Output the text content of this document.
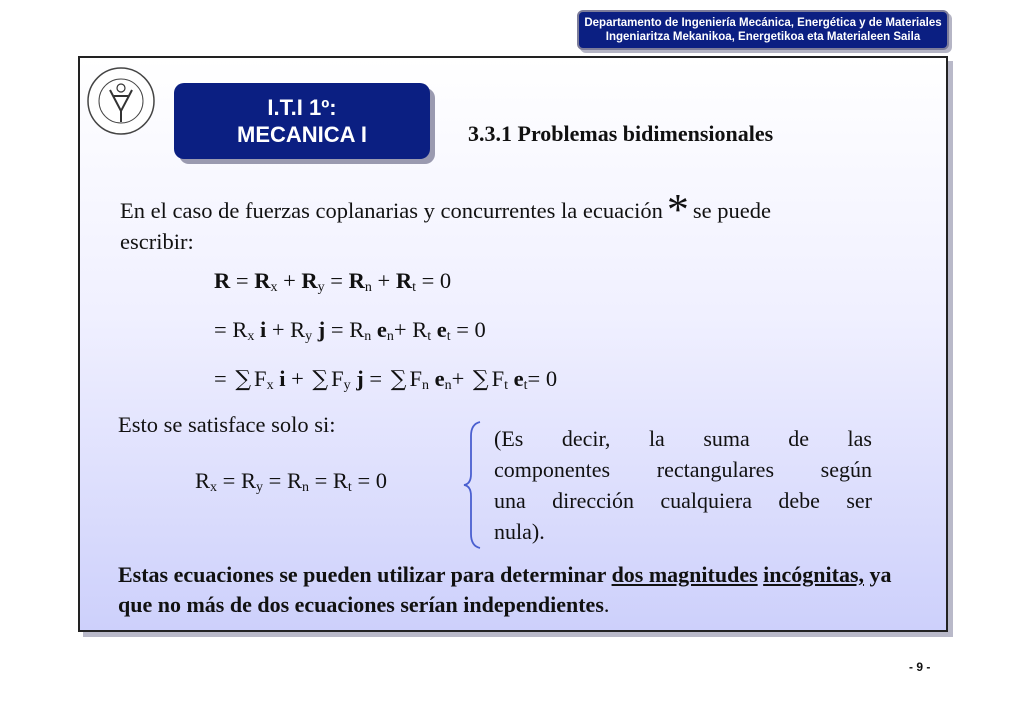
Departamento de Ingeniería Mecánica, Energética y de Materiales
Ingeniaritza Mekanikoa, Energetikoa eta Materialeen Saila
I.T.I 1º:
MECANICA I	3.3.1 Problemas bidimensionales
En el caso de fuerzas coplanarias y concurrentes la ecuación* se puede
escribir:
$R = R_x + R_y = R_n + R_t = 0$
= $R_x$ $i + R_y$ $j = R_n$ $e_n+ R_t$ $e_t = 0$
= ∑ $F_x$ i + ∑ $F_y$ j = ∑ $F_n$ $e_n+$ ∑ $F_t$ $e_t= 0$
Esto se satisface solo si:
$R_x = R_y = R_n = R_t = 0$
(Es decir, la suma de las
componentes rectangulares según
una dirección cualquiera debe ser
nula).
Estas ecuaciones se pueden utilizar para determinar dos magnitudes incógnitas, ya que no más de dos ecuaciones serían independientes.
- 9 -
